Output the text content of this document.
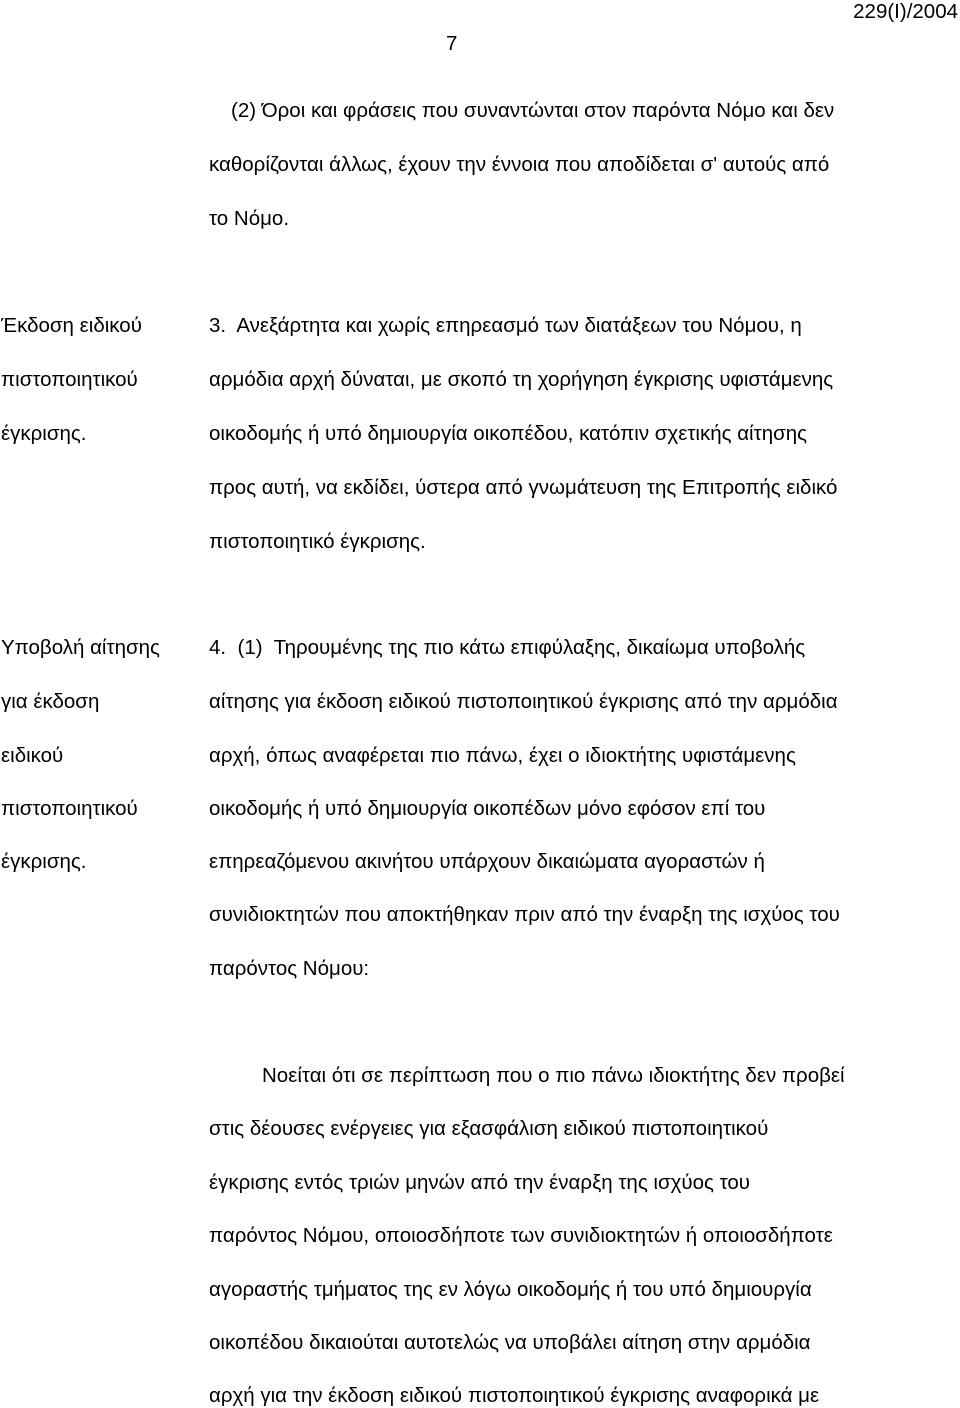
229(Ι)/2004
7
(2) Όροι και φράσεις που συναντώνται στον παρόντα Νόμο και δεν
καθορίζονται άλλως, έχουν την έννοια που αποδίδεται σ' αυτούς από
το Νόμο.
Έκδοση ειδικού
πιστοποιητικού
έγκρισης.
3.  Ανεξάρτητα και χωρίς επηρεασμό των διατάξεων του Νόμου, η
αρμόδια αρχή δύναται, με σκοπό τη χορήγηση έγκρισης υφιστάμενης
οικοδομής ή υπό δημιουργία οικοπέδου, κατόπιν σχετικής αίτησης
προς αυτή, να εκδίδει, ύστερα από γνωμάτευση της Επιτροπής ειδικό
πιστοποιητικό έγκρισης.
Υποβολή αίτησης
για έκδοση
ειδικού
πιστοποιητικού
έγκρισης.
4.  (1)  Τηρουμένης της πιο κάτω επιφύλαξης, δικαίωμα υποβολής
αίτησης για έκδοση ειδικού πιστοποιητικού έγκρισης από την αρμόδια
αρχή, όπως αναφέρεται πιο πάνω, έχει ο ιδιοκτήτης υφιστάμενης
οικοδομής ή υπό δημιουργία οικοπέδων μόνο εφόσον επί του
επηρεαζόμενου ακινήτου υπάρχουν δικαιώματα αγοραστών ή
συνιδιοκτητών που αποκτήθηκαν πριν από την έναρξη της ισχύος του
παρόντος Νόμου:
Νοείται ότι σε περίπτωση που ο πιο πάνω ιδιοκτήτης δεν προβεί
στις δέουσες ενέργειες για εξασφάλιση ειδικού πιστοποιητικού
έγκρισης εντός τριών μηνών από την έναρξη της ισχύος του
παρόντος Νόμου, οποιοσδήποτε των συνιδιοκτητών ή οποιοσδήποτε
αγοραστής τμήματος της εν λόγω οικοδομής ή του υπό δημιουργία
οικοπέδου δικαιούται αυτοτελώς να υποβάλει αίτηση στην αρμόδια
αρχή για την έκδοση ειδικού πιστοποιητικού έγκρισης αναφορικά με
